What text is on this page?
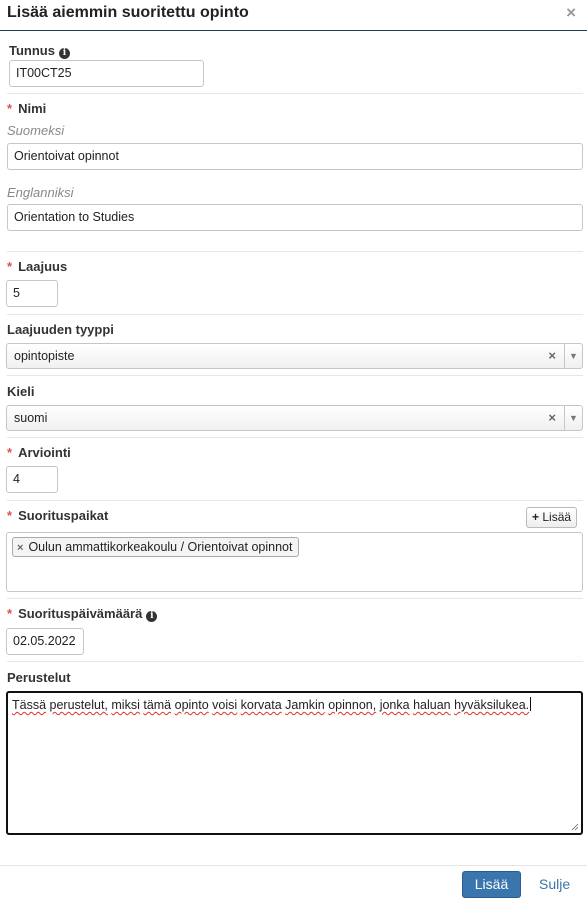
Lisää aiemmin suoritettu opinto	×
Tunnus i
IT00CT25
* Nimi
Suomeksi
Orientoivat opinnot
Englanniksi
Orientation to Studies
* Laajuus
5
Laajuuden tyyppi
opintopiste	×	▼
Kieli
suomi	×	▼
* Arviointi
4
* Suorituspaikat	+ Lisää
× Oulun ammattikorkeakoulu / Orientoivat opinnot
* Suorituspäivämäärä i
02.05.2022
Perustelut
Tässä perustelut, miksi tämä opinto voisi korvata Jamkin opinnon, jonka haluan hyväksilukea.
Lisää	Sulje
